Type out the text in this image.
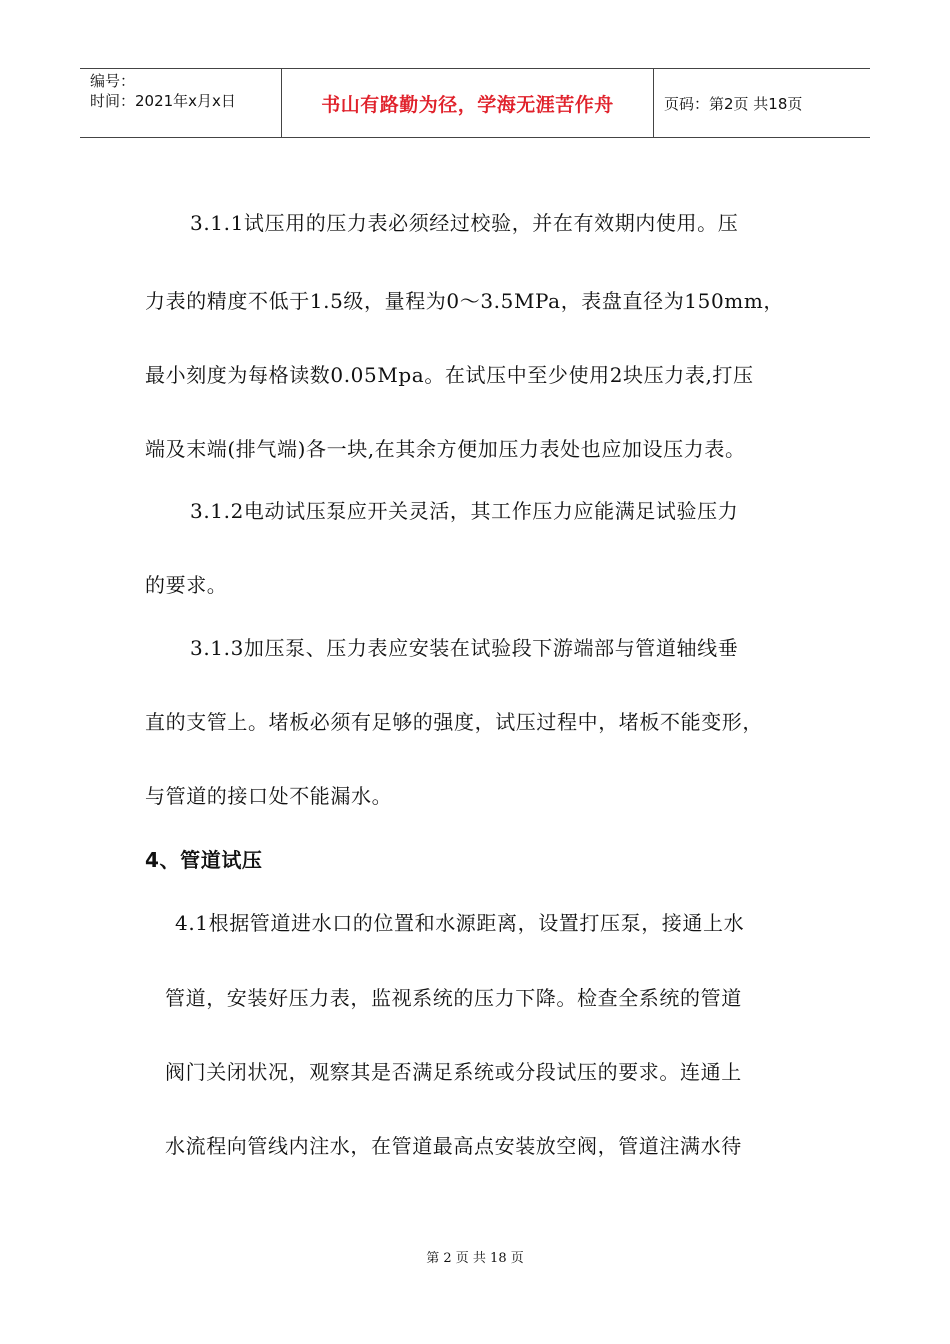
编号：
时间：2021年x月x日	书山有路勤为径，学海无涯苦作舟	页码：第2页 共18页
3.1.1试压用的压力表必须经过校验，并在有效期内使用。压
力表的精度不低于1.5级，量程为0～3.5MPa，表盘直径为150mm，
最小刻度为每格读数0.05Mpa。在试压中至少使用2块压力表,打压
端及末端(排气端)各一块,在其余方便加压力表处也应加设压力表。
3.1.2电动试压泵应开关灵活，其工作压力应能满足试验压力
的要求。
3.1.3加压泵、压力表应安装在试验段下游端部与管道轴线垂
直的支管上。堵板必须有足够的强度，试压过程中，堵板不能变形，
与管道的接口处不能漏水。
4、管道试压
4.1根据管道进水口的位置和水源距离，设置打压泵，接通上水
管道，安装好压力表，监视系统的压力下降。检查全系统的管道
阀门关闭状况，观察其是否满足系统或分段试压的要求。连通上
水流程向管线内注水，在管道最高点安装放空阀，管道注满水待
第 2 页 共 18 页
